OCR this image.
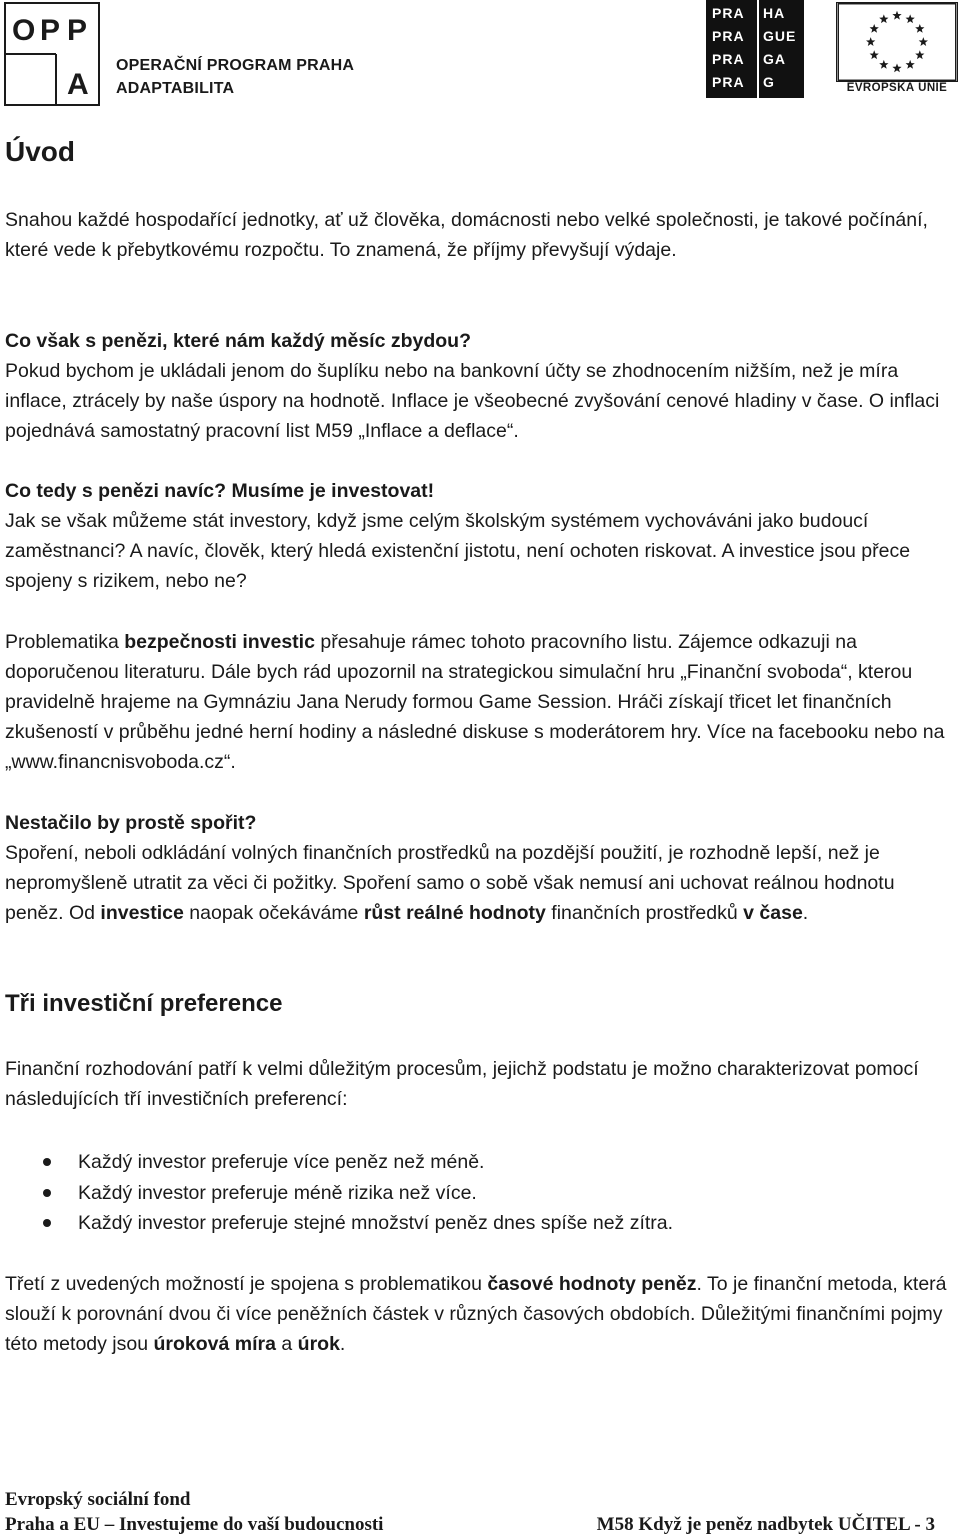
O P P
A
OPERAČNÍ PROGRAM PRAHA
ADAPTABILITA
PRA
PRA
PRA
PRA
HA
GUE
GA
G	EVROPSKÁ UNIE
Úvod
Snahou každé hospodařící jednotky, ať už člověka, domácnosti nebo velké společnosti, je takové počínání, které vede k přebytkovému rozpočtu. To znamená, že příjmy převyšují výdaje.
Co však s penězi, které nám každý měsíc zbydou?
Pokud bychom je ukládali jenom do šuplíku nebo na bankovní účty se zhodnocením nižším, než je míra inflace, ztrácely by naše úspory na hodnotě. Inflace je všeobecné zvyšování cenové hladiny v čase. O inflaci pojednává samostatný pracovní list M59 „Inflace a deflace“.
Co tedy s penězi navíc? Musíme je investovat!
Jak se však můžeme stát investory, když jsme celým školským systémem vychováváni jako budoucí zaměstnanci? A navíc, člověk, který hledá existenční jistotu, není ochoten riskovat. A investice jsou přece spojeny s rizikem, nebo ne?
Problematika bezpečnosti investic přesahuje rámec tohoto pracovního listu. Zájemce odkazuji na doporučenou literaturu. Dále bych rád upozornil na strategickou simulační hru „Finanční svoboda“, kterou pravidelně hrajeme na Gymnáziu Jana Nerudy formou Game Session. Hráči získají třicet let finančních zkušeností v průběhu jedné herní hodiny a následné diskuse s moderátorem hry. Více na facebooku nebo na „www.financnisvoboda.cz“.
Nestačilo by prostě spořit?
Spoření, neboli odkládání volných finančních prostředků na pozdější použití, je rozhodně lepší, než je nepromyšleně utratit za věci či požitky. Spoření samo o sobě však nemusí ani uchovat reálnou hodnotu peněz. Od investice naopak očekáváme růst reálné hodnoty finančních prostředků v čase.
Tři investiční preference
Finanční rozhodování patří k velmi důležitým procesům, jejichž podstatu je možno charakterizovat pomocí následujících tří investičních preferencí:
Každý investor preferuje více peněz než méně.
Každý investor preferuje méně rizika než více.
Každý investor preferuje stejné množství peněz dnes spíše než zítra.
Třetí z uvedených možností je spojena s problematikou časové hodnoty peněz. To je finanční metoda, která slouží k porovnání dvou či více peněžních částek v různých časových obdobích. Důležitými finančními pojmy této metody jsou úroková míra a úrok.
Evropský sociální fond
Praha a EU – Investujeme do vaší budoucnosti	M58 Když je peněz nadbytek UČITEL - 3
